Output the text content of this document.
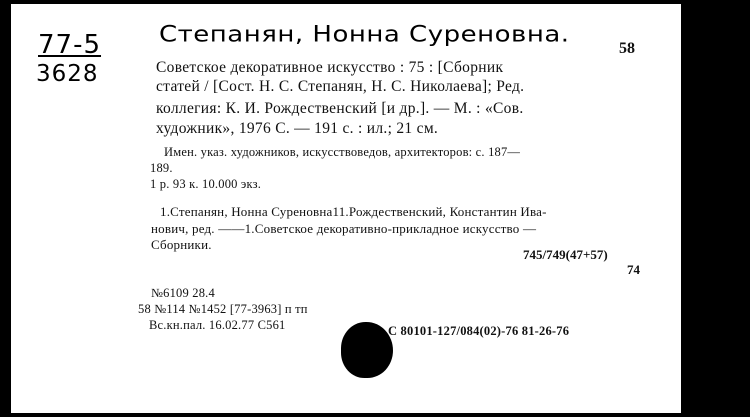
77-5
3628
Степанян, Нонна Суреновна.
58
Советское декоративное искусство : 75 : [Сборник
статей / [Сост. Н. С. Степанян, Н. С. Николаева]; Ред.
коллегия: К. И. Рождественский [и др.]. — М. : «Сов.
художник», 1976 С. — 191 с. : ил.; 21 см.
Имен. указ. художников, искусствоведов, архитекторов: с. 187—
189.
1 р. 93 к. 10.000 экз.
1.Степанян, Нонна Суреновна11.Рождественский, Константин Ива-
нович, ред. ——1.Советское декоративно-прикладное искусство —
Сборники.
745/749(47+57)
74
№6109 28.4
58 №114 №1452 [77-3963] п тп
Вс.кн.пал. 16.02.77 С561	С 80101-127/084(02)-76 81-26-76
